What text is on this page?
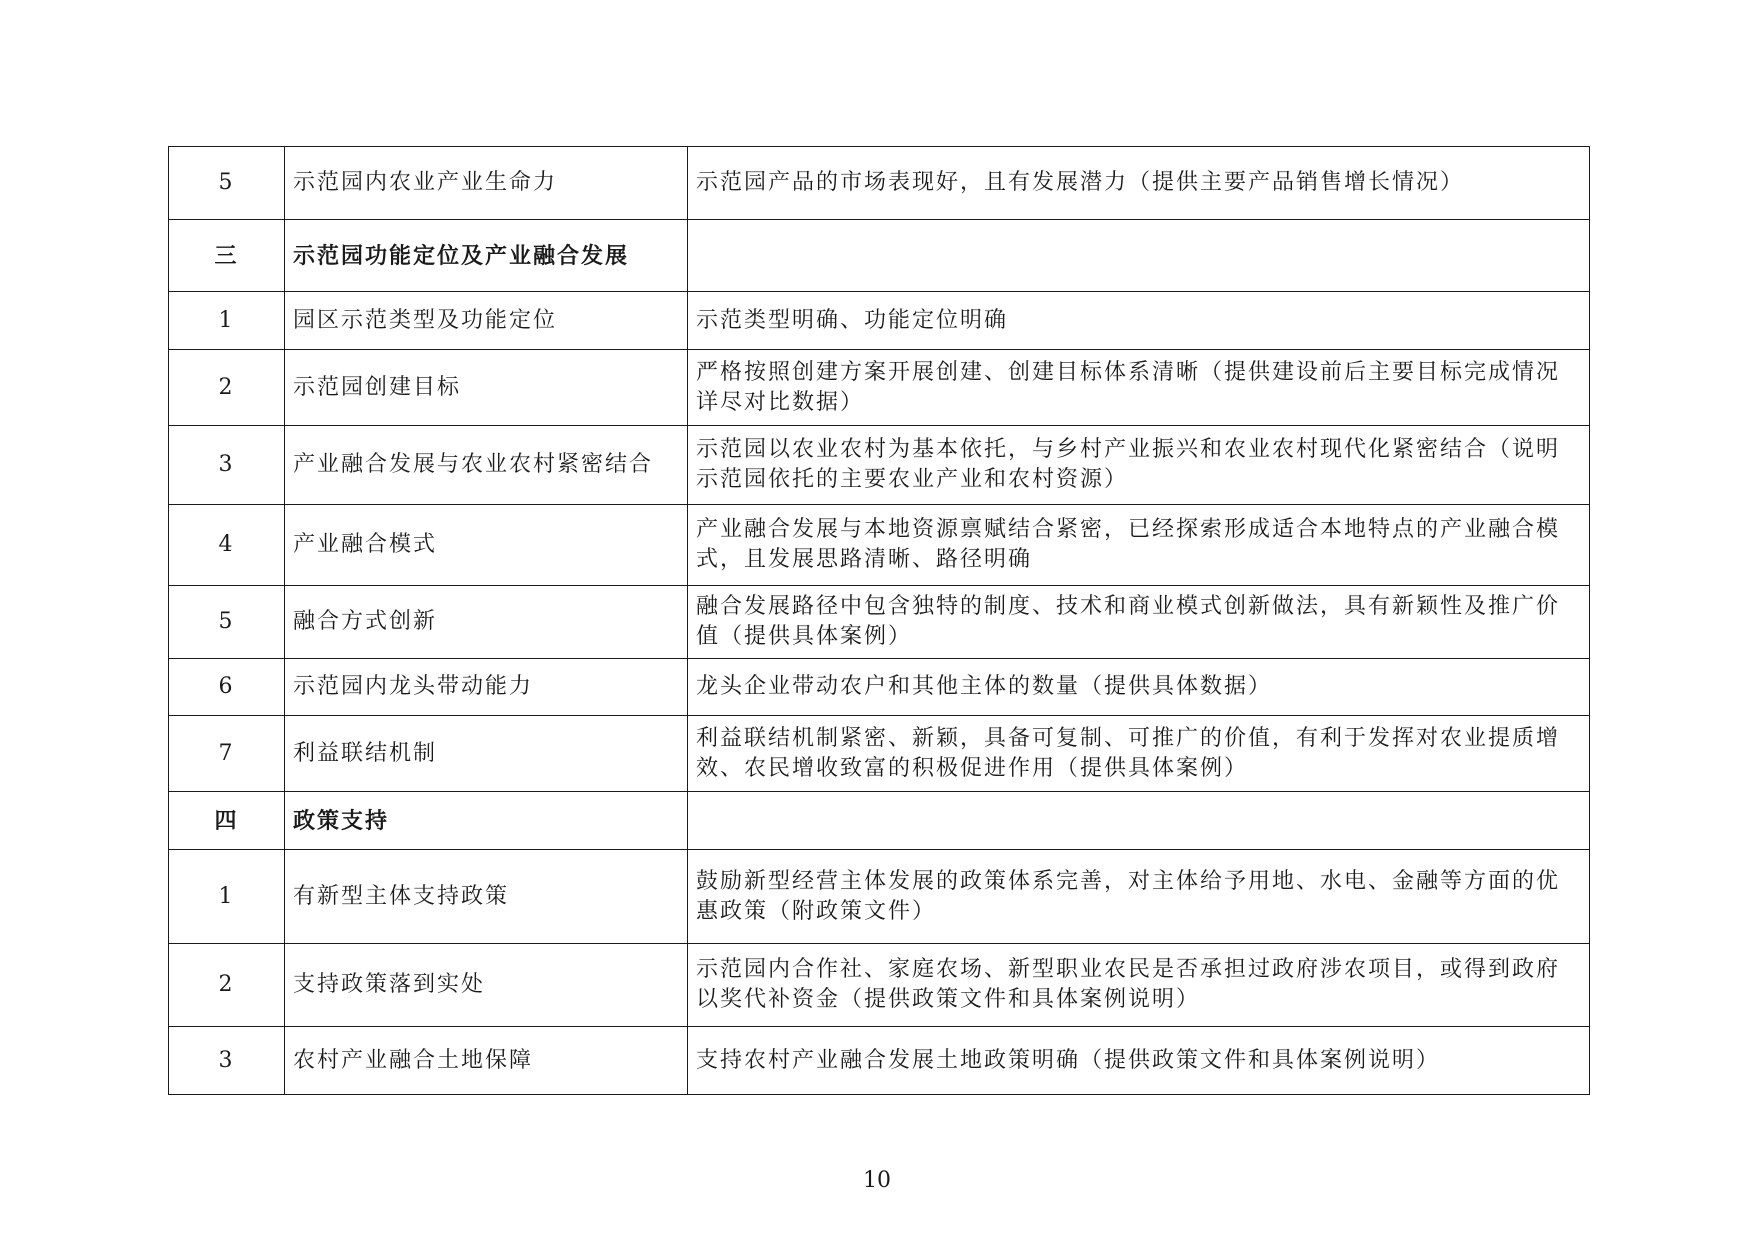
5	示范园内农业产业生命力	示范园产品的市场表现好，且有发展潜力（提供主要产品销售增长情况）
三	示范园功能定位及产业融合发展	
1	园区示范类型及功能定位	示范类型明确、功能定位明确
2	示范园创建目标	严格按照创建方案开展创建、创建目标体系清晰（提供建设前后主要目标完成情况详尽对比数据）
3	产业融合发展与农业农村紧密结合	示范园以农业农村为基本依托，与乡村产业振兴和农业农村现代化紧密结合（说明示范园依托的主要农业产业和农村资源）
4	产业融合模式	产业融合发展与本地资源禀赋结合紧密，已经探索形成适合本地特点的产业融合模式，且发展思路清晰、路径明确
5	融合方式创新	融合发展路径中包含独特的制度、技术和商业模式创新做法，具有新颖性及推广价值（提供具体案例）
6	示范园内龙头带动能力	龙头企业带动农户和其他主体的数量（提供具体数据）
7	利益联结机制	利益联结机制紧密、新颖，具备可复制、可推广的价值，有利于发挥对农业提质增效、农民增收致富的积极促进作用（提供具体案例）
四	政策支持	
1	有新型主体支持政策	鼓励新型经营主体发展的政策体系完善，对主体给予用地、水电、金融等方面的优惠政策（附政策文件）
2	支持政策落到实处	示范园内合作社、家庭农场、新型职业农民是否承担过政府涉农项目，或得到政府以奖代补资金（提供政策文件和具体案例说明）
3	农村产业融合土地保障	支持农村产业融合发展土地政策明确（提供政策文件和具体案例说明）
10
